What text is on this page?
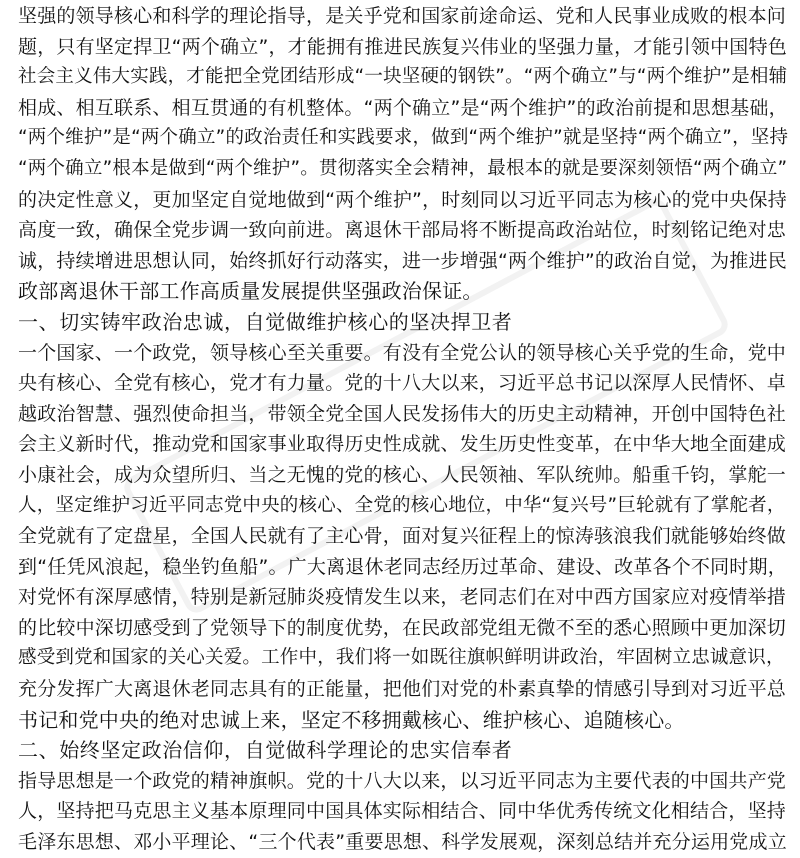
坚强的领导核心和科学的理论指导，是关乎党和国家前途命运、党和人民事业成败的根本问
题，只有坚定捍卫“两个确立”，才能拥有推进民族复兴伟业的坚强力量，才能引领中国特色
社会主义伟大实践，才能把全党团结形成“一块坚硬的钢铁”。“两个确立”与“两个维护”是相辅
相成、相互联系、相互贯通的有机整体。“两个确立”是“两个维护”的政治前提和思想基础，
“两个维护”是“两个确立”的政治责任和实践要求，做到“两个维护”就是坚持“两个确立”，坚持
“两个确立”根本是做到“两个维护”。贯彻落实全会精神，最根本的就是要深刻领悟“两个确立”
的决定性意义，更加坚定自觉地做到“两个维护”，时刻同以习近平同志为核心的党中央保持
高度一致，确保全党步调一致向前进。离退休干部局将不断提高政治站位，时刻铭记绝对忠
诚，持续增进思想认同，始终抓好行动落实，进一步增强“两个维护”的政治自觉，为推进民
政部离退休干部工作高质量发展提供坚强政治保证。
一、切实铸牢政治忠诚，自觉做维护核心的坚决捍卫者
一个国家、一个政党，领导核心至关重要。有没有全党公认的领导核心关乎党的生命，党中
央有核心、全党有核心，党才有力量。党的十八大以来，习近平总书记以深厚人民情怀、卓
越政治智慧、强烈使命担当，带领全党全国人民发扬伟大的历史主动精神，开创中国特色社
会主义新时代，推动党和国家事业取得历史性成就、发生历史性变革，在中华大地全面建成
小康社会，成为众望所归、当之无愧的党的核心、人民领袖、军队统帅。船重千钧，掌舵一
人，坚定维护习近平同志党中央的核心、全党的核心地位，中华“复兴号”巨轮就有了掌舵者，
全党就有了定盘星，全国人民就有了主心骨，面对复兴征程上的惊涛骇浪我们就能够始终做
到“任凭风浪起，稳坐钓鱼船”。广大离退休老同志经历过革命、建设、改革各个不同时期，
对党怀有深厚感情，特别是新冠肺炎疫情发生以来，老同志们在对中西方国家应对疫情举措
的比较中深切感受到了党领导下的制度优势，在民政部党组无微不至的悉心照顾中更加深切
感受到党和国家的关心关爱。工作中，我们将一如既往旗帜鲜明讲政治，牢固树立忠诚意识，
充分发挥广大离退休老同志具有的正能量，把他们对党的朴素真挚的情感引导到对习近平总
书记和党中央的绝对忠诚上来，坚定不移拥戴核心、维护核心、追随核心。
二、始终坚定政治信仰，自觉做科学理论的忠实信奉者
指导思想是一个政党的精神旗帜。党的十八大以来，以习近平同志为主要代表的中国共产党
人，坚持把马克思主义基本原理同中国具体实际相结合、同中华优秀传统文化相结合，坚持
毛泽东思想、邓小平理论、“三个代表”重要思想、科学发展观，深刻总结并充分运用党成立
